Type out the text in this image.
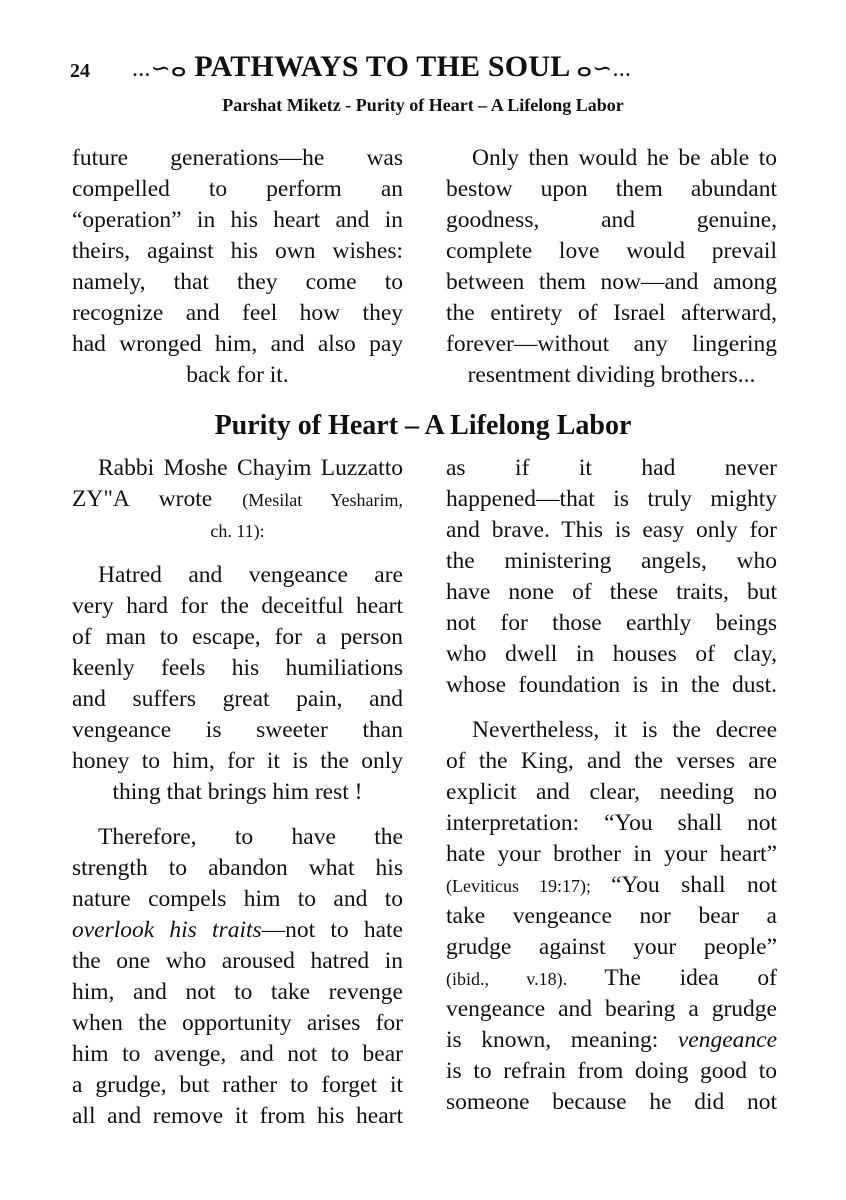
24 ...∽ⴰ PATHWAYS TO THE SOUL ⴰ∽...
Parshat Miketz - Purity of Heart – A Lifelong Labor
future generations—he was
compelled to perform an
“operation” in his heart and in
theirs, against his own wishes:
namely, that they come to
recognize and feel how they
had wronged him, and also pay
back for it.
Only then would he be able to
bestow upon them abundant
goodness, and genuine,
complete love would prevail
between them now—and among
the entirety of Israel afterward,
forever—without any lingering
resentment dividing brothers...
Purity of Heart – A Lifelong Labor
Rabbi Moshe Chayim Luzzatto
ZY"A wrote (Mesilat Yesharim,
ch. 11):
Hatred and vengeance are
very hard for the deceitful heart
of man to escape, for a person
keenly feels his humiliations
and suffers great pain, and
vengeance is sweeter than
honey to him, for it is the only
thing that brings him rest !
Therefore, to have the
strength to abandon what his
nature compels him to and to
overlook his traits—not to hate
the one who aroused hatred in
him, and not to take revenge
when the opportunity arises for
him to avenge, and not to bear
a grudge, but rather to forget it
all and remove it from his heart
as if it had never
happened—that is truly mighty
and brave. This is easy only for
the ministering angels, who
have none of these traits, but
not for those earthly beings
who dwell in houses of clay,
whose foundation is in the dust.
Nevertheless, it is the decree
of the King, and the verses are
explicit and clear, needing no
interpretation: “You shall not
hate your brother in your heart”
(Leviticus 19:17); “You shall not
take vengeance nor bear a
grudge against your people”
(ibid., v.18). The idea of
vengeance and bearing a grudge
is known, meaning: vengeance
is to refrain from doing good to
someone because he did not
